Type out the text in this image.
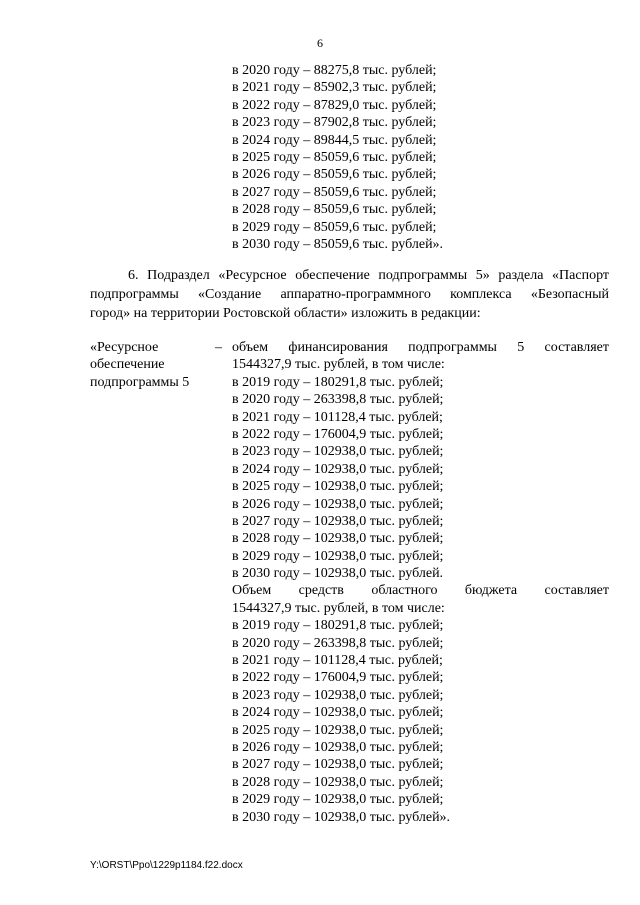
6
в 2020 году – 88275,8 тыс. рублей;
в 2021 году – 85902,3 тыс. рублей;
в 2022 году – 87829,0 тыс. рублей;
в 2023 году – 87902,8 тыс. рублей;
в 2024 году – 89844,5 тыс. рублей;
в 2025 году – 85059,6 тыс. рублей;
в 2026 году – 85059,6 тыс. рублей;
в 2027 году – 85059,6 тыс. рублей;
в 2028 году – 85059,6 тыс. рублей;
в 2029 году – 85059,6 тыс. рублей;
в 2030 году – 85059,6 тыс. рублей».
6. Подраздел «Ресурсное обеспечение подпрограммы 5» раздела «Паспорт
подпрограммы «Создание аппаратно-программного комплекса «Безопасный
город» на территории Ростовской области» изложить в редакции:
«Ресурсное
обеспечение
подпрограммы 5
– объем финансирования подпрограммы 5 составляет
1544327,9 тыс. рублей, в том числе:
в 2019 году – 180291,8 тыс. рублей;
в 2020 году – 263398,8 тыс. рублей;
в 2021 году – 101128,4 тыс. рублей;
в 2022 году – 176004,9 тыс. рублей;
в 2023 году – 102938,0 тыс. рублей;
в 2024 году – 102938,0 тыс. рублей;
в 2025 году – 102938,0 тыс. рублей;
в 2026 году – 102938,0 тыс. рублей;
в 2027 году – 102938,0 тыс. рублей;
в 2028 году – 102938,0 тыс. рублей;
в 2029 году – 102938,0 тыс. рублей;
в 2030 году – 102938,0 тыс. рублей.
Объем средств областного бюджета составляет
1544327,9 тыс. рублей, в том числе:
в 2019 году – 180291,8 тыс. рублей;
в 2020 году – 263398,8 тыс. рублей;
в 2021 году – 101128,4 тыс. рублей;
в 2022 году – 176004,9 тыс. рублей;
в 2023 году – 102938,0 тыс. рублей;
в 2024 году – 102938,0 тыс. рублей;
в 2025 году – 102938,0 тыс. рублей;
в 2026 году – 102938,0 тыс. рублей;
в 2027 году – 102938,0 тыс. рублей;
в 2028 году – 102938,0 тыс. рублей;
в 2029 году – 102938,0 тыс. рублей;
в 2030 году – 102938,0 тыс. рублей».
Y:\ORST\Ppo\1229p1184.f22.docx
